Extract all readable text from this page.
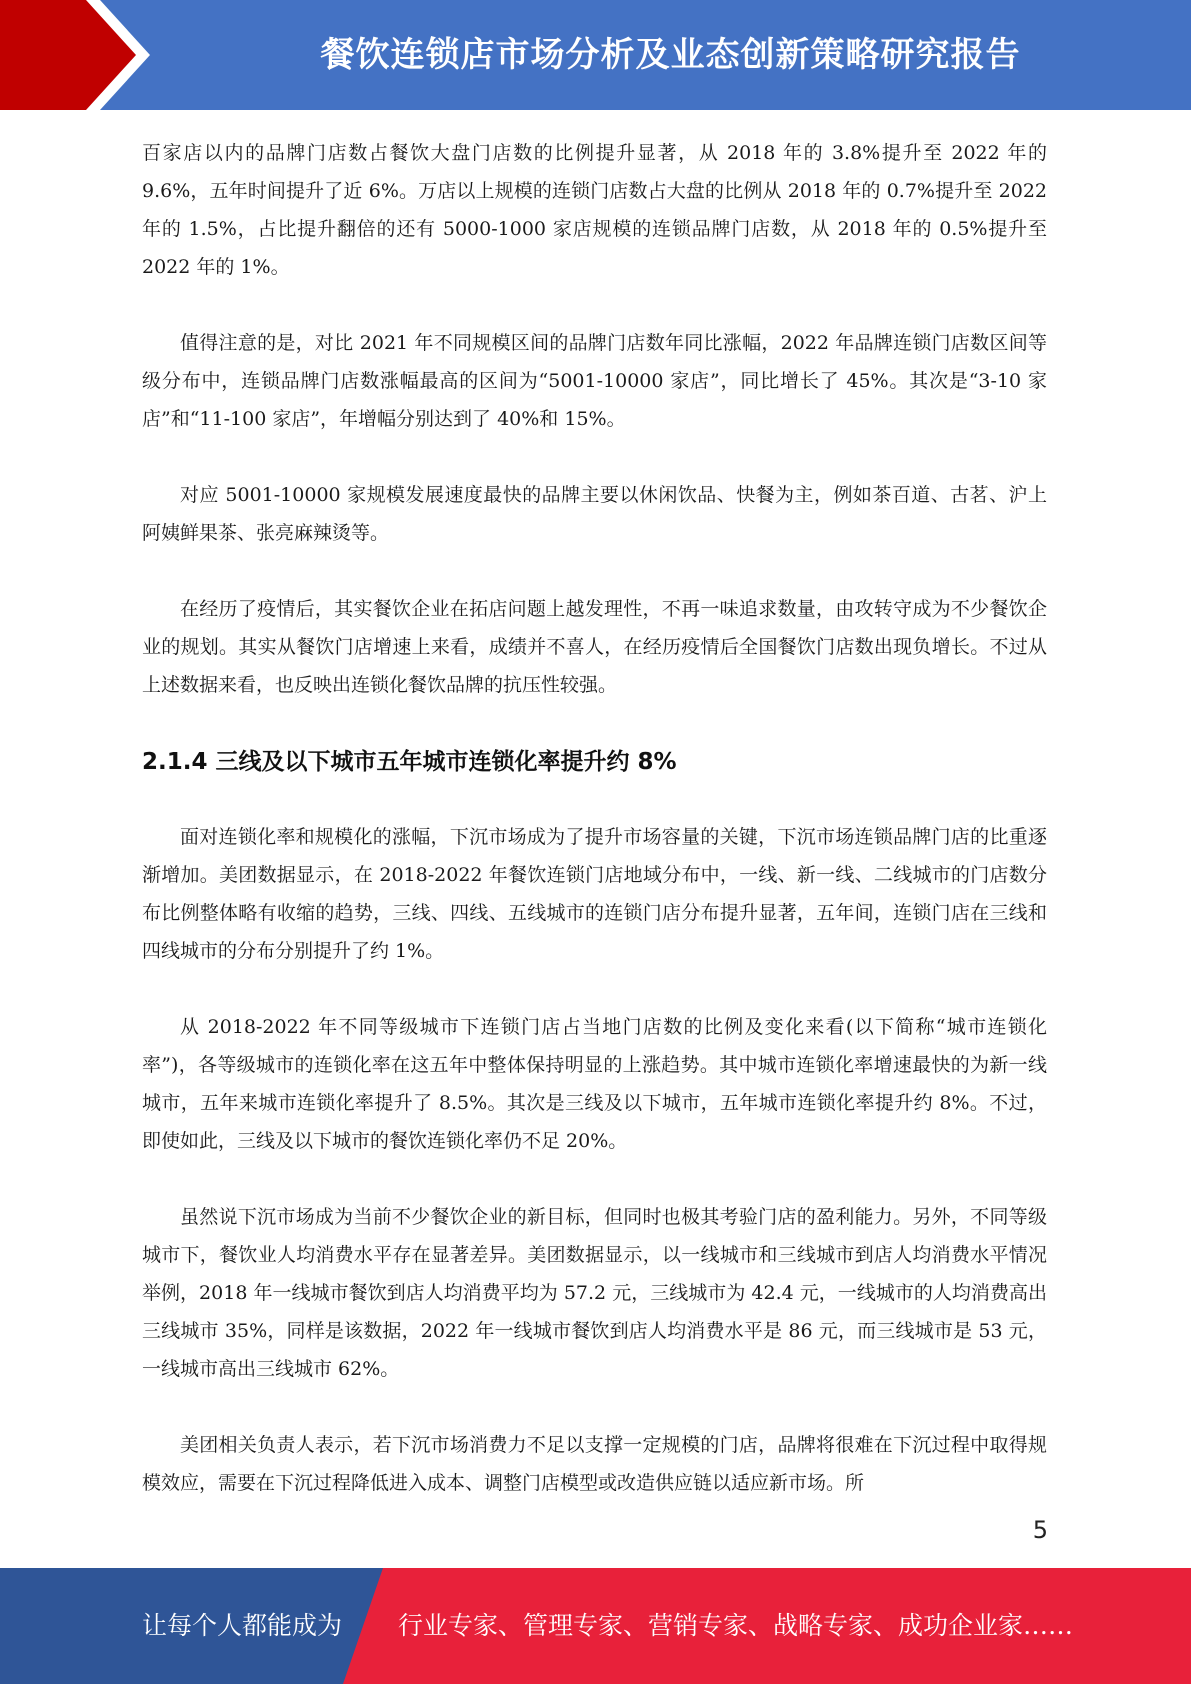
餐饮连锁店市场分析及业态创新策略研究报告

百家店以内的品牌门店数占餐饮大盘门店数的比例提升显著，从 2018 年的 3.8%提升至 2022 年的 9.6%，五年时间提升了近 6%。万店以上规模的连锁门店数占大盘的比例从 2018 年的 0.7%提升至 2022 年的 1.5%，占比提升翻倍的还有 5000-1000 家店规模的连锁品牌门店数，从 2018 年的 0.5%提升至 2022 年的 1%。

值得注意的是，对比 2021 年不同规模区间的品牌门店数年同比涨幅，2022 年品牌连锁门店数区间等级分布中，连锁品牌门店数涨幅最高的区间为“5001-10000 家店”，同比增长了 45%。其次是“3-10 家店”和“11-100 家店”，年增幅分别达到了 40%和 15%。

对应 5001-10000 家规模发展速度最快的品牌主要以休闲饮品、快餐为主，例如茶百道、古茗、沪上阿姨鲜果茶、张亮麻辣烫等。

在经历了疫情后，其实餐饮企业在拓店问题上越发理性，不再一味追求数量，由攻转守成为不少餐饮企业的规划。其实从餐饮门店增速上来看，成绩并不喜人，在经历疫情后全国餐饮门店数出现负增长。不过从上述数据来看，也反映出连锁化餐饮品牌的抗压性较强。

2.1.4 三线及以下城市五年城市连锁化率提升约 8%

面对连锁化率和规模化的涨幅，下沉市场成为了提升市场容量的关键，下沉市场连锁品牌门店的比重逐渐增加。美团数据显示，在 2018-2022 年餐饮连锁门店地域分布中，一线、新一线、二线城市的门店数分布比例整体略有收缩的趋势，三线、四线、五线城市的连锁门店分布提升显著，五年间，连锁门店在三线和四线城市的分布分别提升了约 1%。

从 2018-2022 年不同等级城市下连锁门店占当地门店数的比例及变化来看(以下简称“城市连锁化率”)，各等级城市的连锁化率在这五年中整体保持明显的上涨趋势。其中城市连锁化率增速最快的为新一线城市，五年来城市连锁化率提升了 8.5%。其次是三线及以下城市，五年城市连锁化率提升约 8%。不过，即使如此，三线及以下城市的餐饮连锁化率仍不足 20%。

虽然说下沉市场成为当前不少餐饮企业的新目标，但同时也极其考验门店的盈利能力。另外，不同等级城市下，餐饮业人均消费水平存在显著差异。美团数据显示，以一线城市和三线城市到店人均消费水平情况举例，2018 年一线城市餐饮到店人均消费平均为 57.2 元，三线城市为 42.4 元，一线城市的人均消费高出三线城市 35%，同样是该数据，2022 年一线城市餐饮到店人均消费水平是 86 元，而三线城市是 53 元，一线城市高出三线城市 62%。

美团相关负责人表示，若下沉市场消费力不足以支撑一定规模的门店，品牌将很难在下沉过程中取得规模效应，需要在下沉过程降低进入成本、调整门店模型或改造供应链以适应新市场。所

5
让每个人都能成为 行业专家、管理专家、营销专家、战略专家、成功企业家……
